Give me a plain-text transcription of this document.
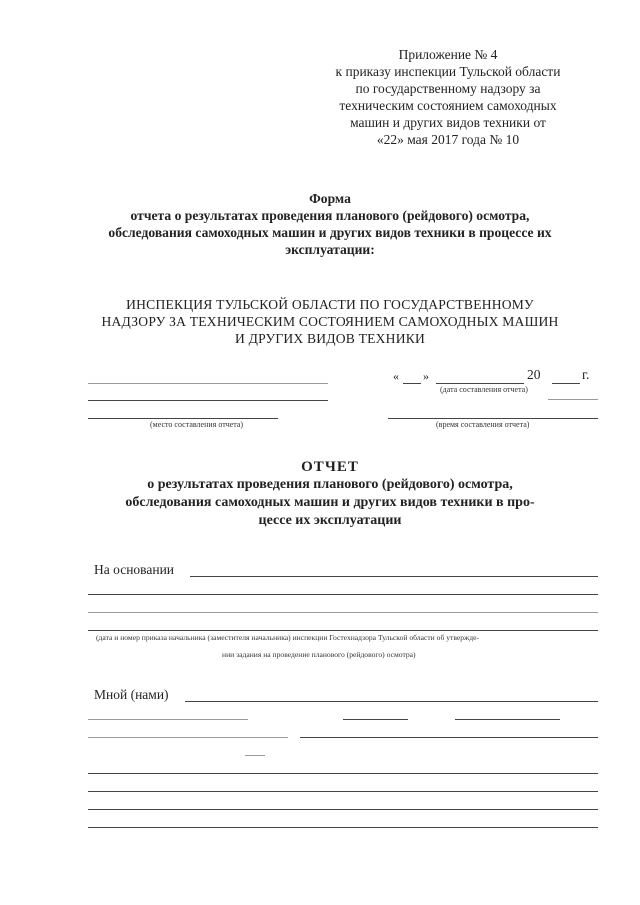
Приложение № 4
к приказу инспекции Тульской области
по государственному надзору за
техническим состоянием самоходных
машин и других видов техники от
«22» мая 2017 года № 10
Форма
отчета о результатах проведения планового (рейдового) осмотра,
обследования самоходных машин и других видов техники в процессе их
эксплуатации:
ИНСПЕКЦИЯ ТУЛЬСКОЙ ОБЛАСТИ ПО ГОСУДАРСТВЕННОМУ
НАДЗОРУ ЗА ТЕХНИЧЕСКИМ СОСТОЯНИЕМ САМОХОДНЫХ МАШИН
И ДРУГИХ ВИДОВ ТЕХНИКИ
(место составления отчета)
« »	20	г.
(дата составления отчета)
(время составления отчета)
ОТЧЕТ
о результатах проведения планового (рейдового) осмотра,
обследования самоходных машин и других видов техники в про-
цессе их эксплуатации
На основании
(дата и номер приказа начальника (заместителя начальника) инспекции Гостехнадзора Тульской области об утвержде-
нии задания на проведение планового (рейдового) осмотра)
Мной (нами)
